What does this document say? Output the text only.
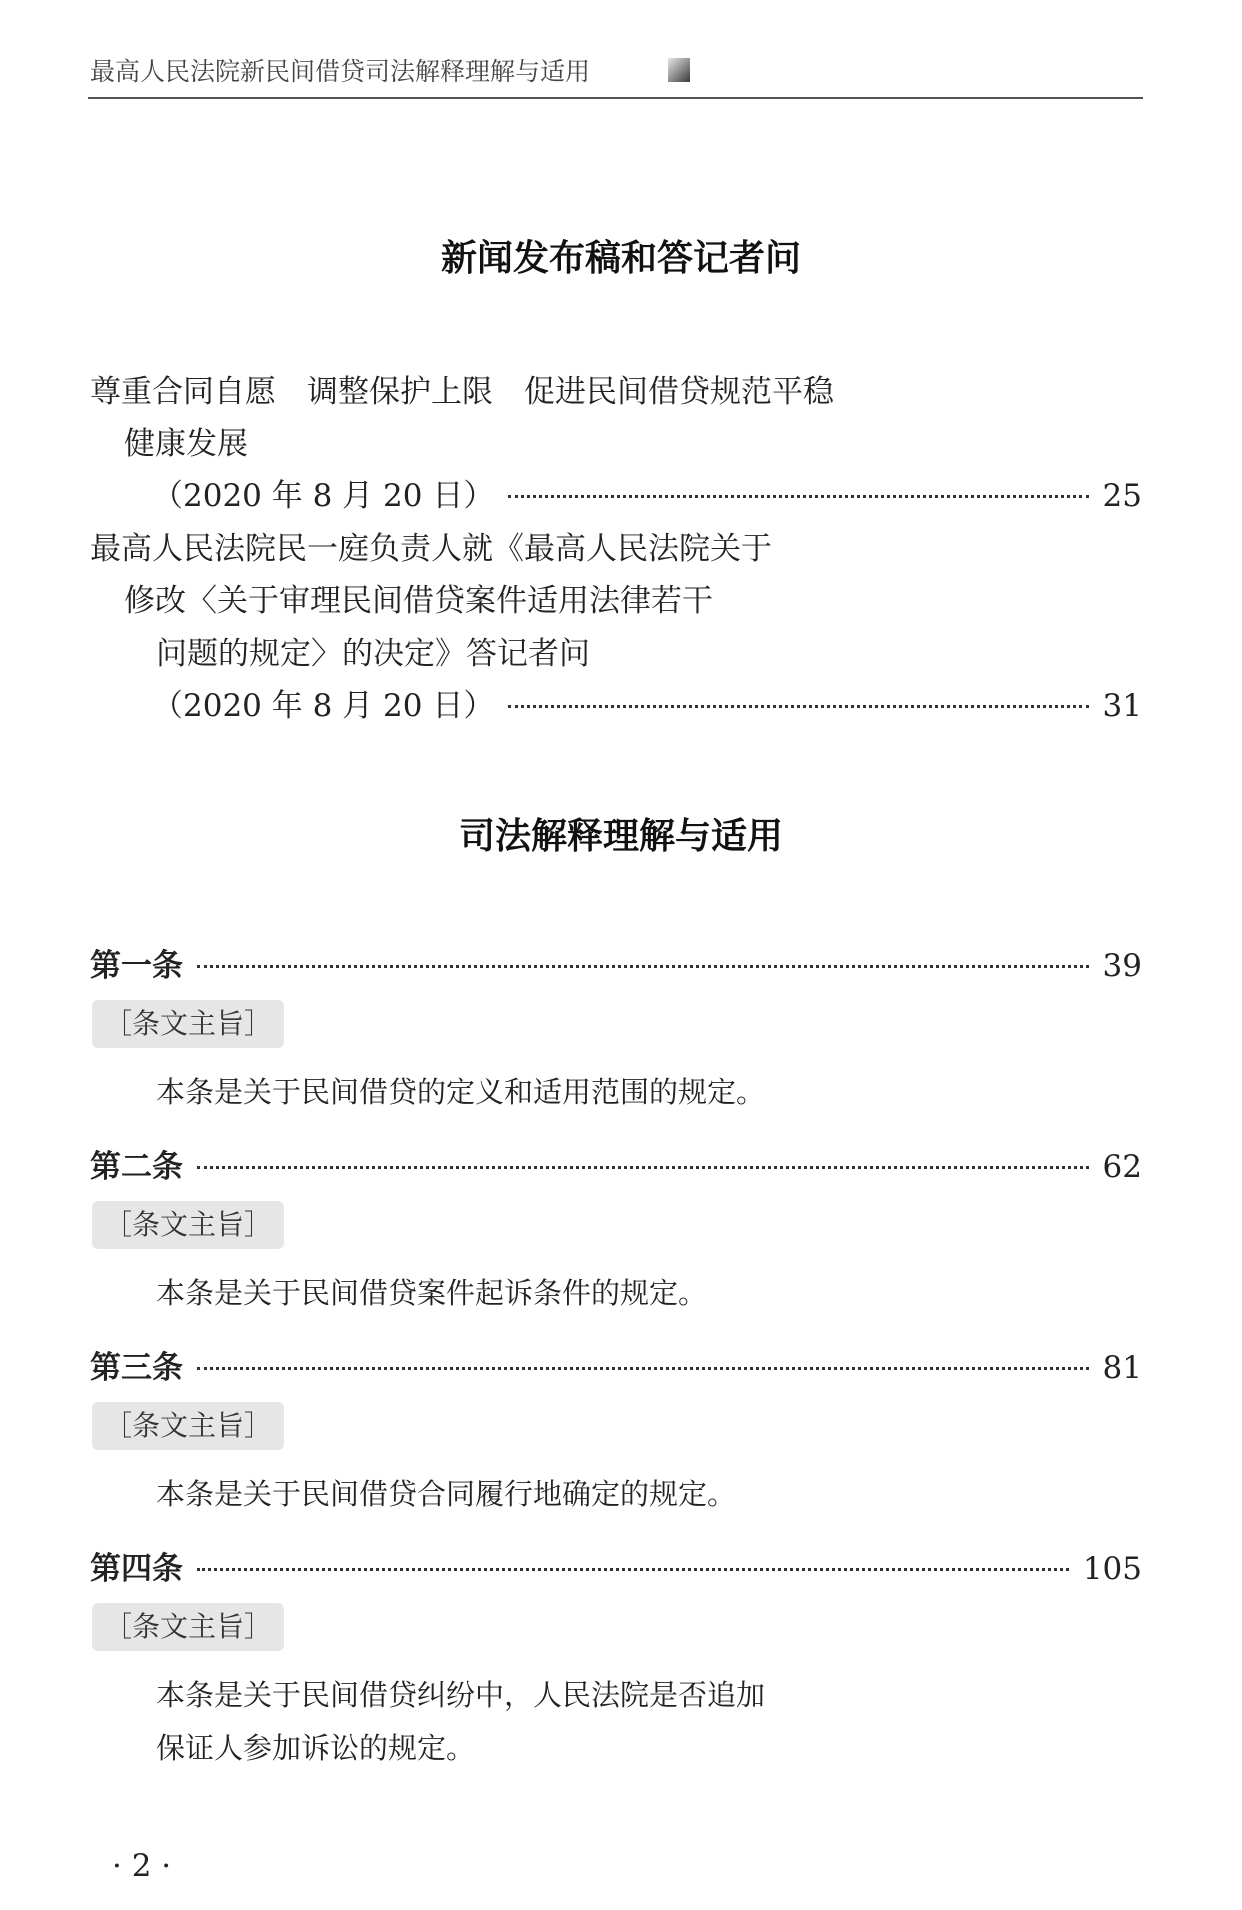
最高人民法院新民间借贷司法解释理解与适用
新闻发布稿和答记者问
尊重合同自愿　调整保护上限　促进民间借贷规范平稳
健康发展
（2020 年 8 月 20 日）	25
最高人民法院民一庭负责人就《最高人民法院关于
修改〈关于审理民间借贷案件适用法律若干
问题的规定〉的决定》答记者问
（2020 年 8 月 20 日）	31
司法解释理解与适用
第一条	39
［条文主旨］
本条是关于民间借贷的定义和适用范围的规定。
第二条	62
［条文主旨］
本条是关于民间借贷案件起诉条件的规定。
第三条	81
［条文主旨］
本条是关于民间借贷合同履行地确定的规定。
第四条	105
［条文主旨］
本条是关于民间借贷纠纷中，人民法院是否追加
保证人参加诉讼的规定。
· 2 ·
